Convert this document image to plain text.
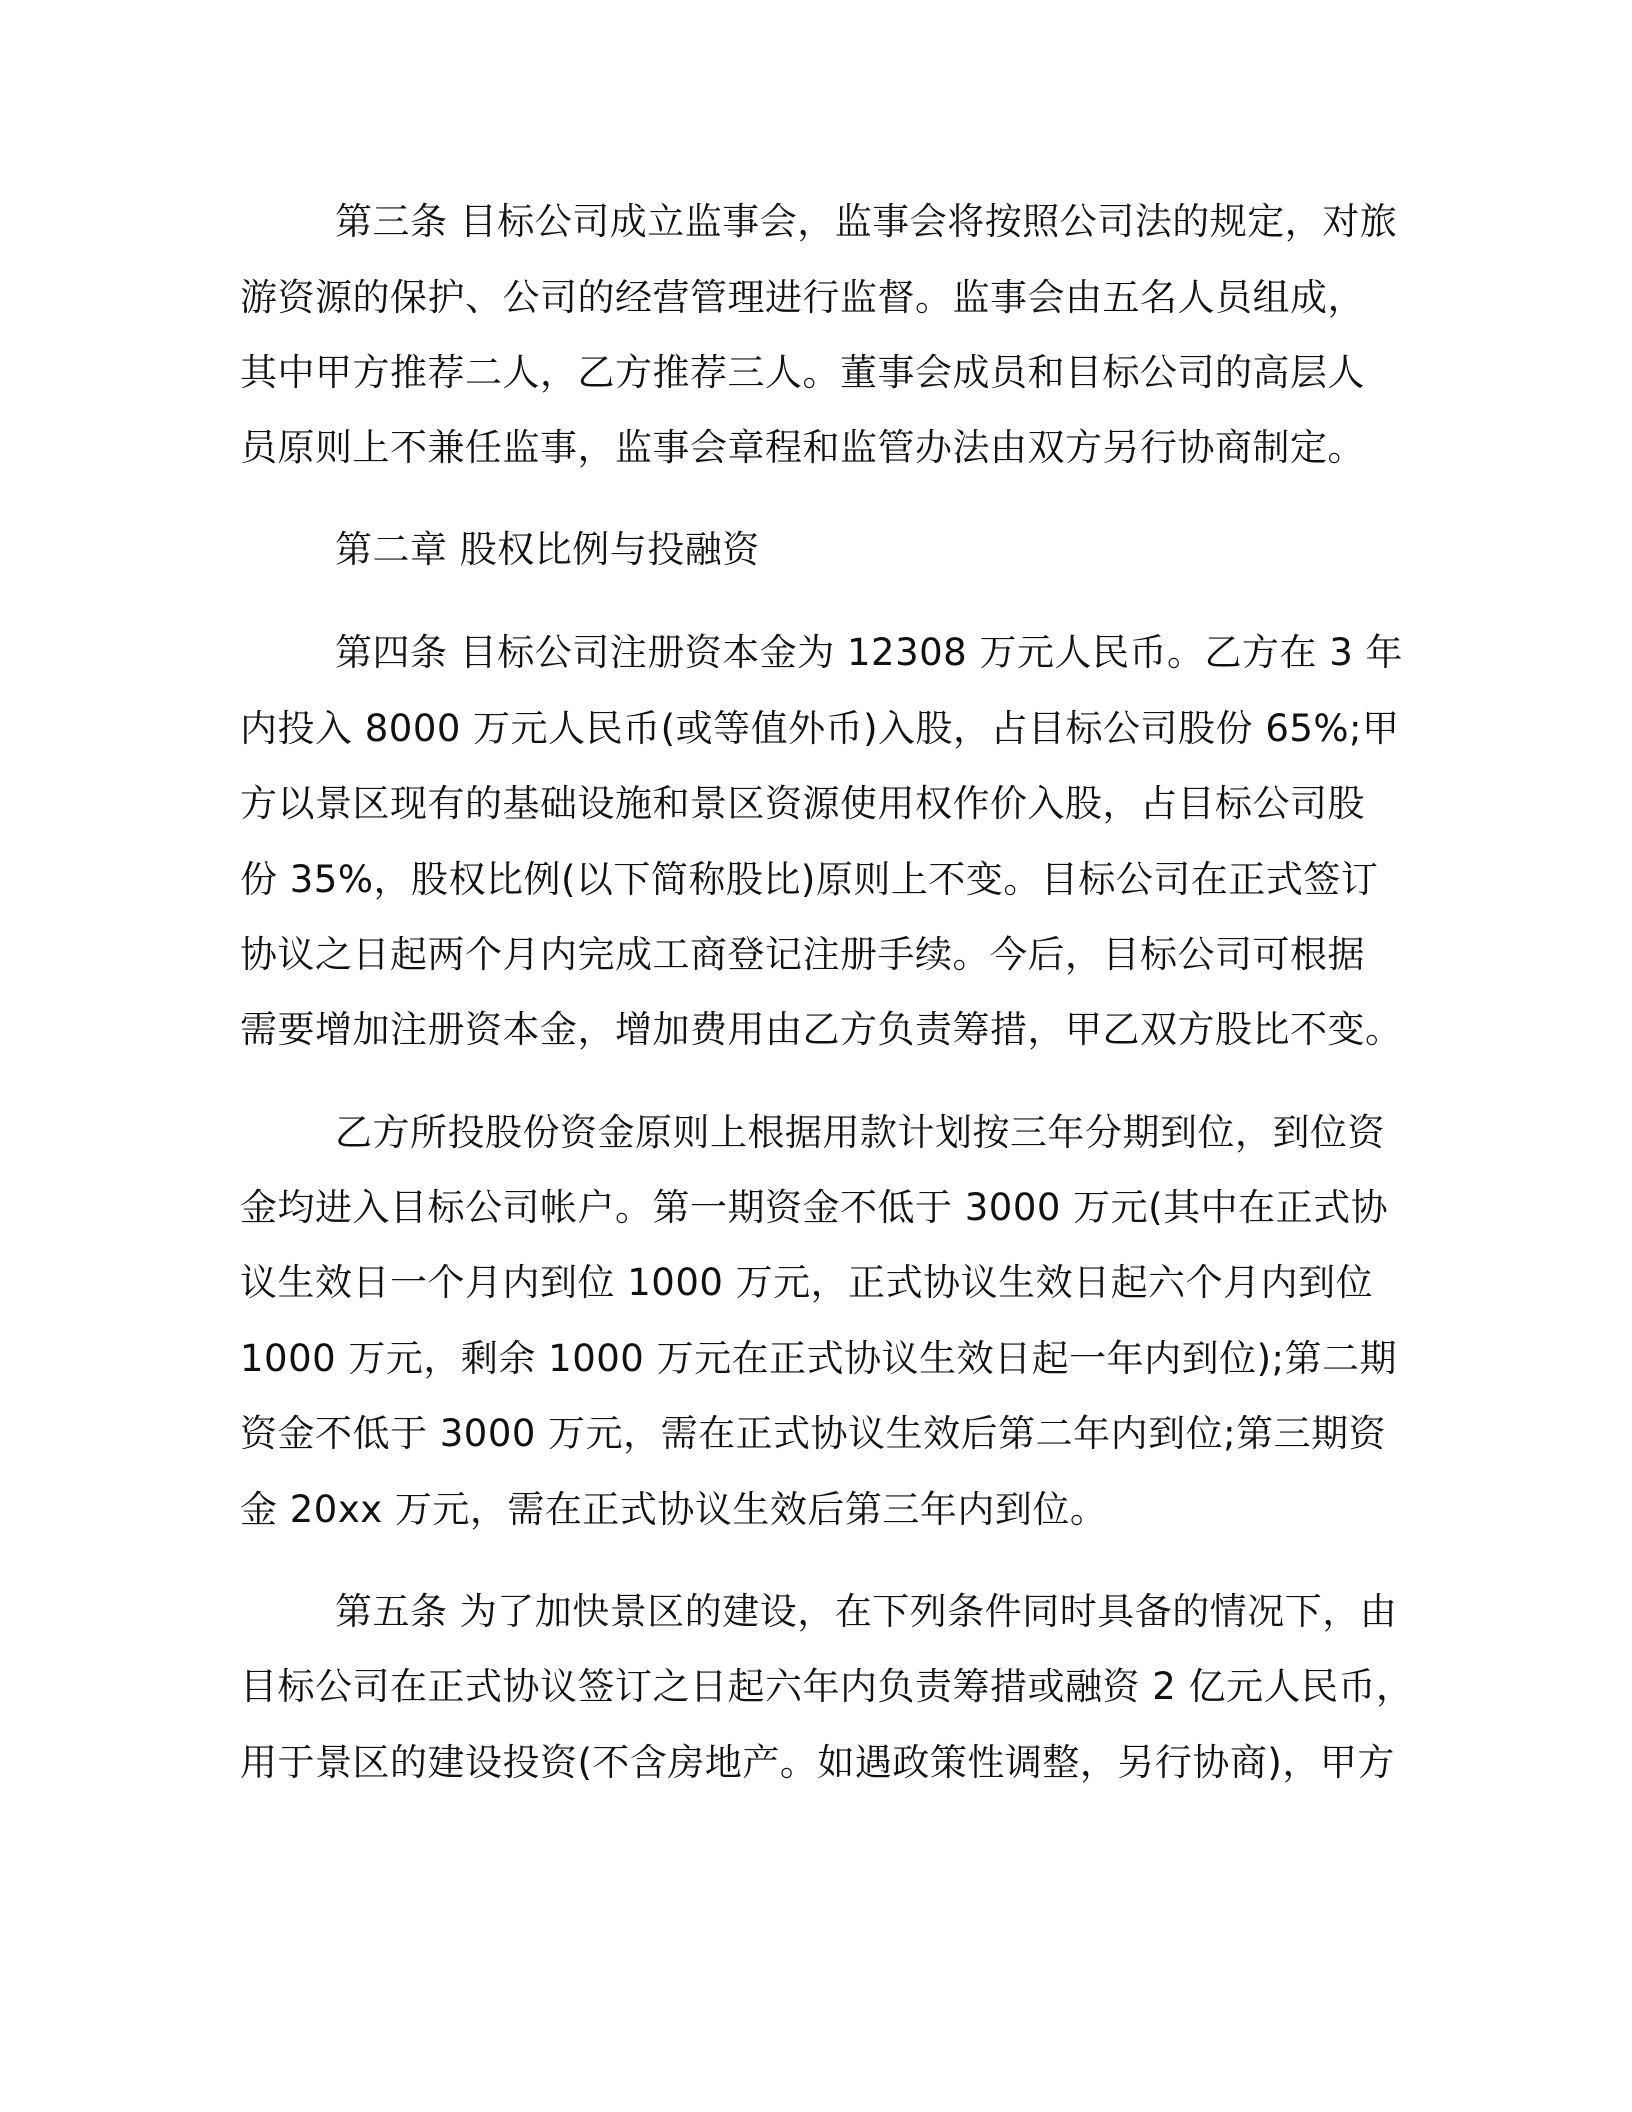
第三条 目标公司成立监事会，监事会将按照公司法的规定，对旅
游资源的保护、公司的经营管理进行监督。监事会由五名人员组成，
其中甲方推荐二人，乙方推荐三人。董事会成员和目标公司的高层人
员原则上不兼任监事，监事会章程和监管办法由双方另行协商制定。
第二章 股权比例与投融资
第四条 目标公司注册资本金为 12308 万元人民币。乙方在 3 年
内投入 8000 万元人民币(或等值外币)入股，占目标公司股份 65%;甲
方以景区现有的基础设施和景区资源使用权作价入股，占目标公司股
份 35%，股权比例(以下简称股比)原则上不变。目标公司在正式签订
协议之日起两个月内完成工商登记注册手续。今后，目标公司可根据
需要增加注册资本金，增加费用由乙方负责筹措，甲乙双方股比不变。
乙方所投股份资金原则上根据用款计划按三年分期到位，到位资
金均进入目标公司帐户。第一期资金不低于 3000 万元(其中在正式协
议生效日一个月内到位 1000 万元，正式协议生效日起六个月内到位
1000 万元，剩余 1000 万元在正式协议生效日起一年内到位);第二期
资金不低于 3000 万元，需在正式协议生效后第二年内到位;第三期资
金 20xx 万元，需在正式协议生效后第三年内到位。
第五条 为了加快景区的建设，在下列条件同时具备的情况下，由
目标公司在正式协议签订之日起六年内负责筹措或融资 2 亿元人民币，
用于景区的建设投资(不含房地产。如遇政策性调整，另行协商)，甲方
